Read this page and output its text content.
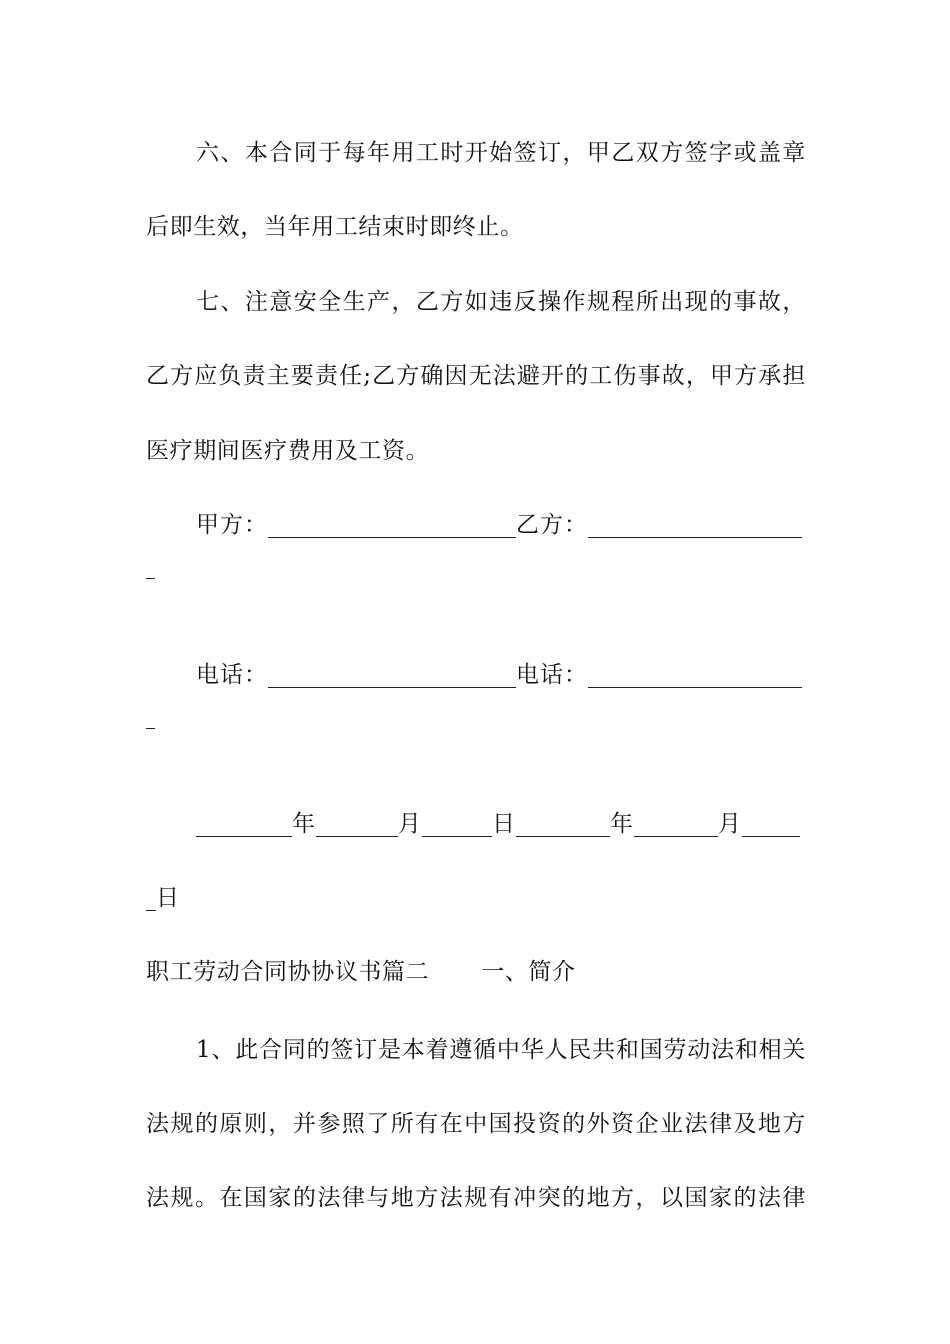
六、本合同于每年用工时开始签订，甲乙双方签字或盖章
后即生效，当年用工结束时即终止。
七、注意安全生产，乙方如违反操作规程所出现的事故，
乙方应负责主要责任;乙方确因无法避开的工伤事故，甲方承担
医疗期间医疗费用及工资。
甲方：	乙方：
电话：	电话：
年	月	日	年	月
日
职工劳动合同协协议书篇二 一、简介
1、此合同的签订是本着遵循中华人民共和国劳动法和相关
法规的原则，并参照了所有在中国投资的外资企业法律及地方
法规。在国家的法律与地方法规有冲突的地方，以国家的法律
